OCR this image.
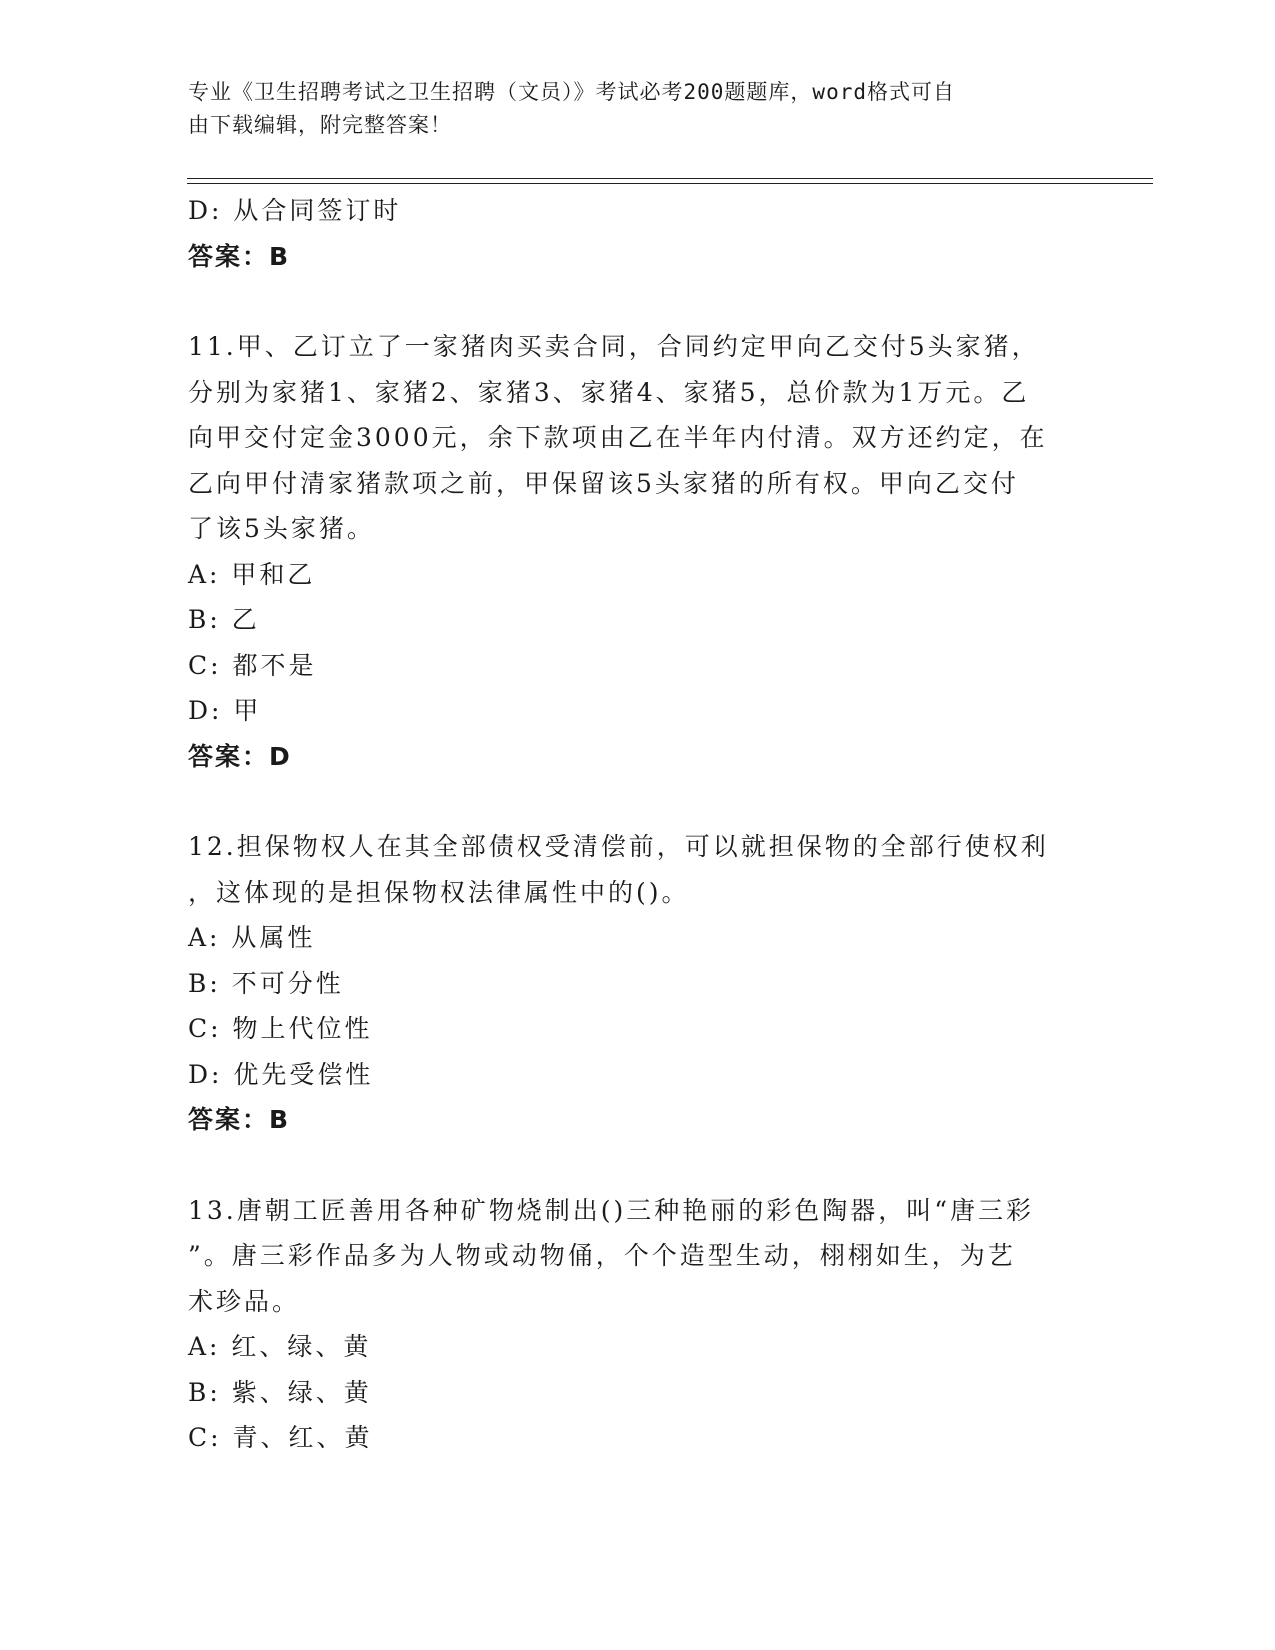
专业《卫生招聘考试之卫生招聘（文员）》考试必考200题题库，word格式可自
由下载编辑，附完整答案！
D: 从合同签订时
答案：B
11.甲、乙订立了一家猪肉买卖合同，合同约定甲向乙交付5头家猪，
分别为家猪1、家猪2、家猪3、家猪4、家猪5，总价款为1万元。乙
向甲交付定金3000元，余下款项由乙在半年内付清。双方还约定，在
乙向甲付清家猪款项之前，甲保留该5头家猪的所有权。甲向乙交付
了该5头家猪。
A: 甲和乙
B: 乙
C: 都不是
D: 甲
答案：D
12.担保物权人在其全部债权受清偿前，可以就担保物的全部行使权利
，这体现的是担保物权法律属性中的()。
A: 从属性
B: 不可分性
C: 物上代位性
D: 优先受偿性
答案：B
13.唐朝工匠善用各种矿物烧制出()三种艳丽的彩色陶器，叫“唐三彩
”。唐三彩作品多为人物或动物俑，个个造型生动，栩栩如生，为艺
术珍品。
A: 红、绿、黄
B: 紫、绿、黄
C: 青、红、黄
